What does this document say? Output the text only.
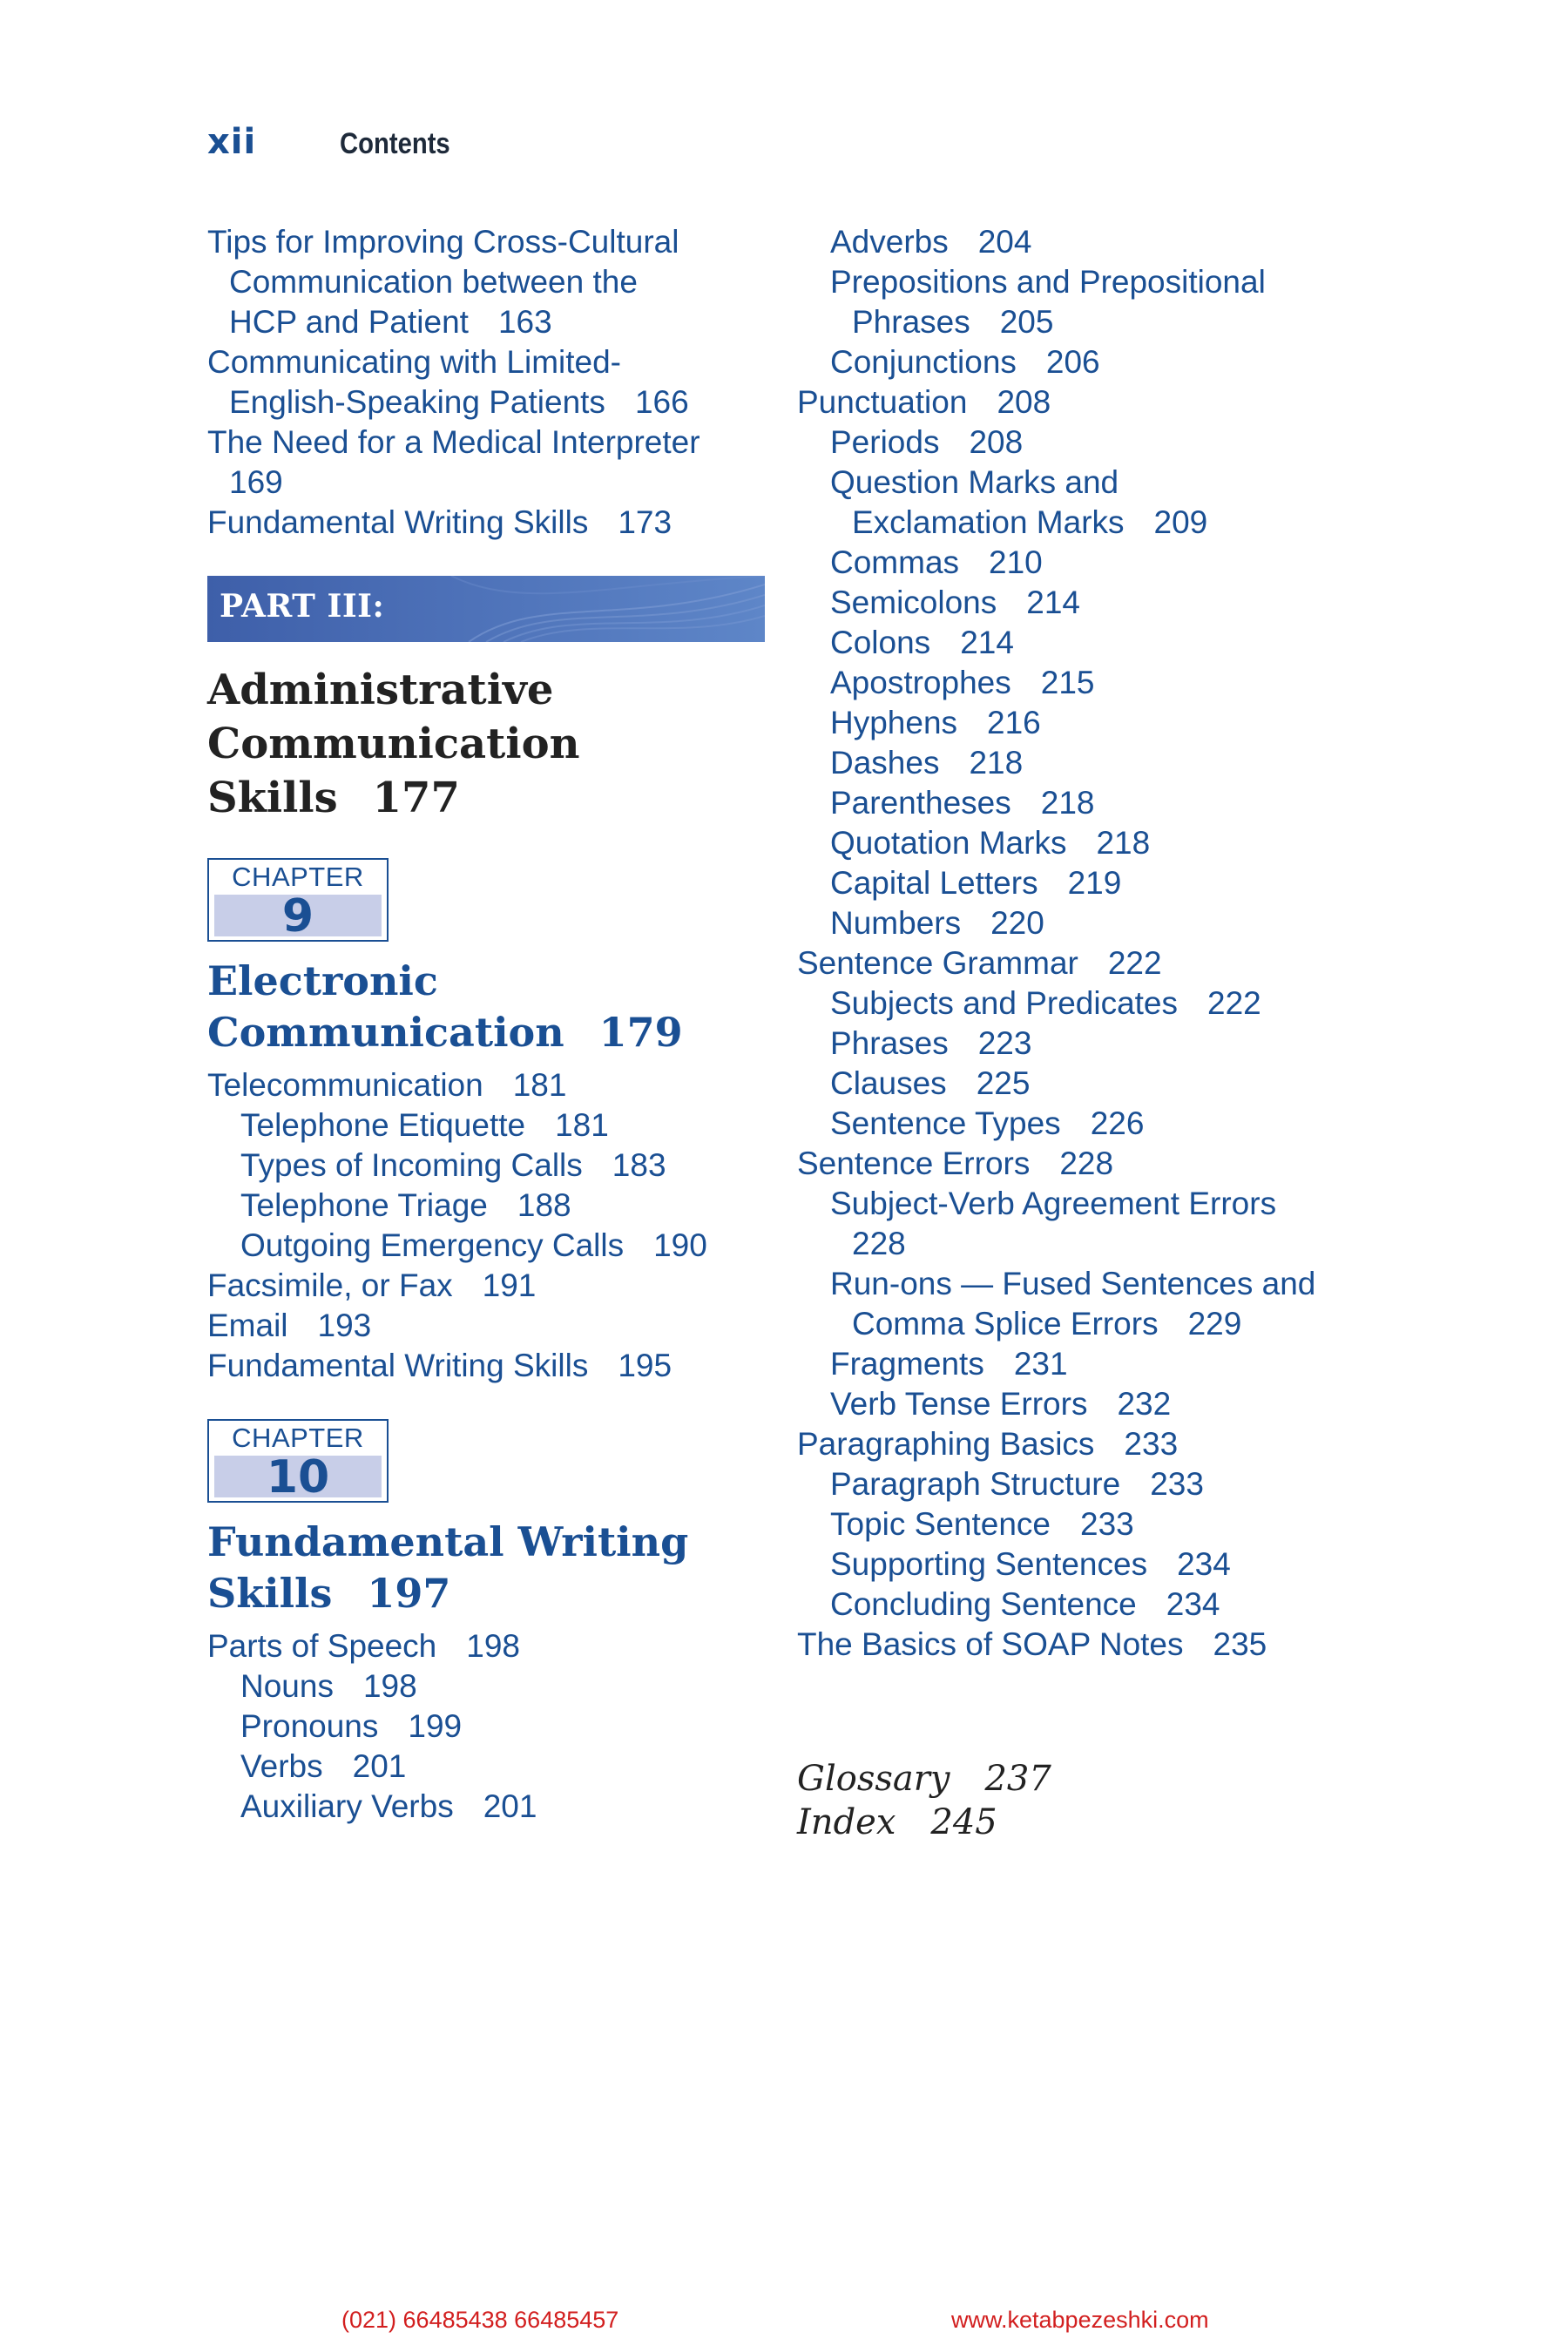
xii	Contents
Tips for Improving Cross-Cultural
Communication between the
HCP and Patient 163
Communicating with Limited-
English-Speaking Patients 166
The Need for a Medical Interpreter
169
Fundamental Writing Skills 173
PART III:
Administrative
Communication
Skills 177
CHAPTER
9
Electronic
Communication 179
Telecommunication 181
Telephone Etiquette 181
Types of Incoming Calls 183
Telephone Triage 188
Outgoing Emergency Calls 190
Facsimile, or Fax 191
Email 193
Fundamental Writing Skills 195
CHAPTER
10
Fundamental Writing
Skills 197
Parts of Speech 198
Nouns 198
Pronouns 199
Verbs 201
Auxiliary Verbs 201
Adverbs 204
Prepositions and Prepositional
Phrases 205
Conjunctions 206
Punctuation 208
Periods 208
Question Marks and
Exclamation Marks 209
Commas 210
Semicolons 214
Colons 214
Apostrophes 215
Hyphens 216
Dashes 218
Parentheses 218
Quotation Marks 218
Capital Letters 219
Numbers 220
Sentence Grammar 222
Subjects and Predicates 222
Phrases 223
Clauses 225
Sentence Types 226
Sentence Errors 228
Subject-Verb Agreement Errors
228
Run-ons — Fused Sentences and
Comma Splice Errors 229
Fragments 231
Verb Tense Errors 232
Paragraphing Basics 233
Paragraph Structure 233
Topic Sentence 233
Supporting Sentences 234
Concluding Sentence 234
The Basics of SOAP Notes 235
Glossary 237
Index 245
(021) 66485438 66485457	www.ketabpezeshki.com
